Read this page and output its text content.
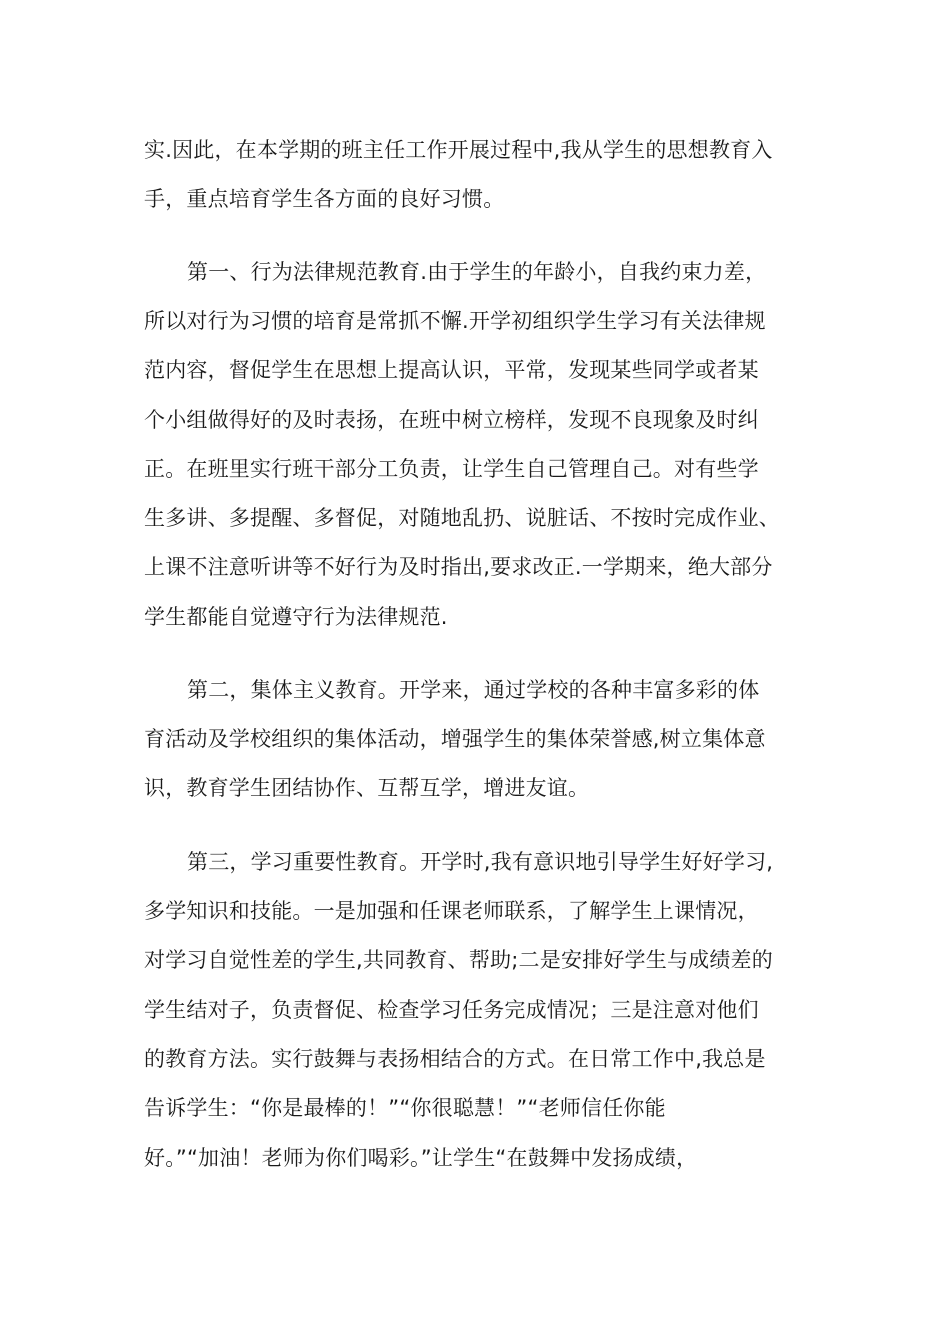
实.因此，在本学期的班主任工作开展过程中,我从学生的思想教育入
手，重点培育学生各方面的良好习惯。
第一、行为法律规范教育.由于学生的年龄小，自我约束力差，
所以对行为习惯的培育是常抓不懈.开学初组织学生学习有关法律规
范内容，督促学生在思想上提高认识，平常，发现某些同学或者某
个小组做得好的及时表扬，在班中树立榜样，发现不良现象及时纠
正。在班里实行班干部分工负责，让学生自己管理自己。对有些学
生多讲、多提醒、多督促，对随地乱扔、说脏话、不按时完成作业、
上课不注意听讲等不好行为及时指出,要求改正.一学期来，绝大部分
学生都能自觉遵守行为法律规范.
第二，集体主义教育。开学来，通过学校的各种丰富多彩的体
育活动及学校组织的集体活动，增强学生的集体荣誉感,树立集体意
识，教育学生团结协作、互帮互学，增进友谊。
第三，学习重要性教育。开学时,我有意识地引导学生好好学习,
多学知识和技能。一是加强和任课老师联系，了解学生上课情况，
对学习自觉性差的学生,共同教育、帮助;二是安排好学生与成绩差的
学生结对子，负责督促、检查学习任务完成情况；三是注意对他们
的教育方法。实行鼓舞与表扬相结合的方式。在日常工作中,我总是
告诉学生：“你是最棒的！”“你很聪慧！”“老师信任你能
好。”“加油！老师为你们喝彩。”让学生“在鼓舞中发扬成绩，
